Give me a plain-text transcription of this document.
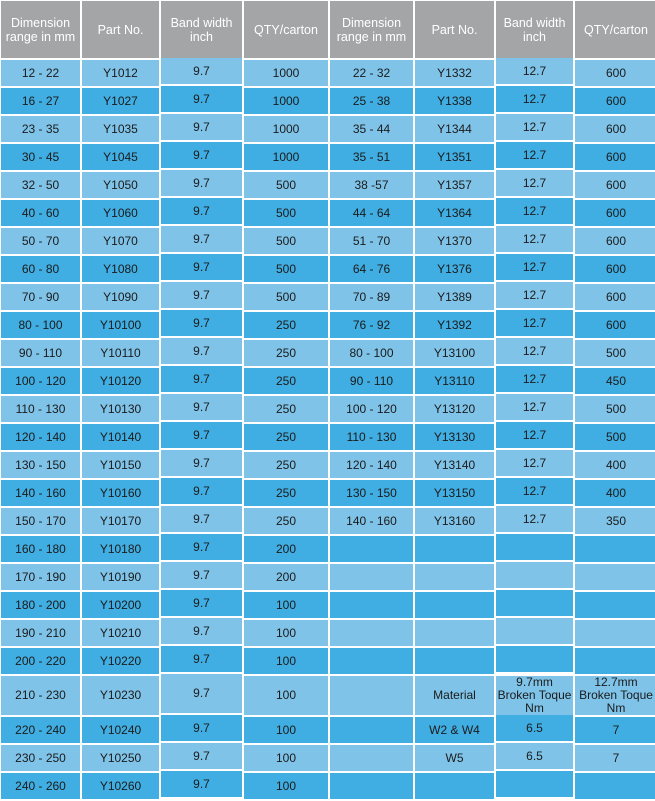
Dimension range in mm	Part No.	Band width inch	QTY/carton	Dimension range in mm	Part No.	Band width inch	QTY/carton
12 - 22	Y1012	9.7	1000	22 - 32	Y1332	12.7	600
16 - 27	Y1027	9.7	1000	25 - 38	Y1338	12.7	600
23 - 35	Y1035	9.7	1000	35 - 44	Y1344	12.7	600
30 - 45	Y1045	9.7	1000	35 - 51	Y1351	12.7	600
32 - 50	Y1050	9.7	500	38 -57	Y1357	12.7	600
40 - 60	Y1060	9.7	500	44 - 64	Y1364	12.7	600
50 - 70	Y1070	9.7	500	51 - 70	Y1370	12.7	600
60 - 80	Y1080	9.7	500	64 - 76	Y1376	12.7	600
70 - 90	Y1090	9.7	500	70 - 89	Y1389	12.7	600
80 - 100	Y10100	9.7	250	76 - 92	Y1392	12.7	600
90 - 110	Y10110	9.7	250	80 - 100	Y13100	12.7	500
100 - 120	Y10120	9.7	250	90 - 110	Y13110	12.7	450
110 - 130	Y10130	9.7	250	100 - 120	Y13120	12.7	500
120 - 140	Y10140	9.7	250	110 - 130	Y13130	12.7	500
130 - 150	Y10150	9.7	250	120 - 140	Y13140	12.7	400
140 - 160	Y10160	9.7	250	130 - 150	Y13150	12.7	400
150 - 170	Y10170	9.7	250	140 - 160	Y13160	12.7	350
160 - 180	Y10180	9.7	200				
170 - 190	Y10190	9.7	200				
180 - 200	Y10200	9.7	100				
190 - 210	Y10210	9.7	100				
200 - 220	Y10220	9.7	100				
210 - 230	Y10230	9.7	100		Material	9.7mm Broken Toque Nm	12.7mm Broken Toque Nm
220 - 240	Y10240	9.7	100		W2 & W4	6.5	7
230 - 250	Y10250	9.7	100		W5	6.5	7
240 - 260	Y10260	9.7	100				
